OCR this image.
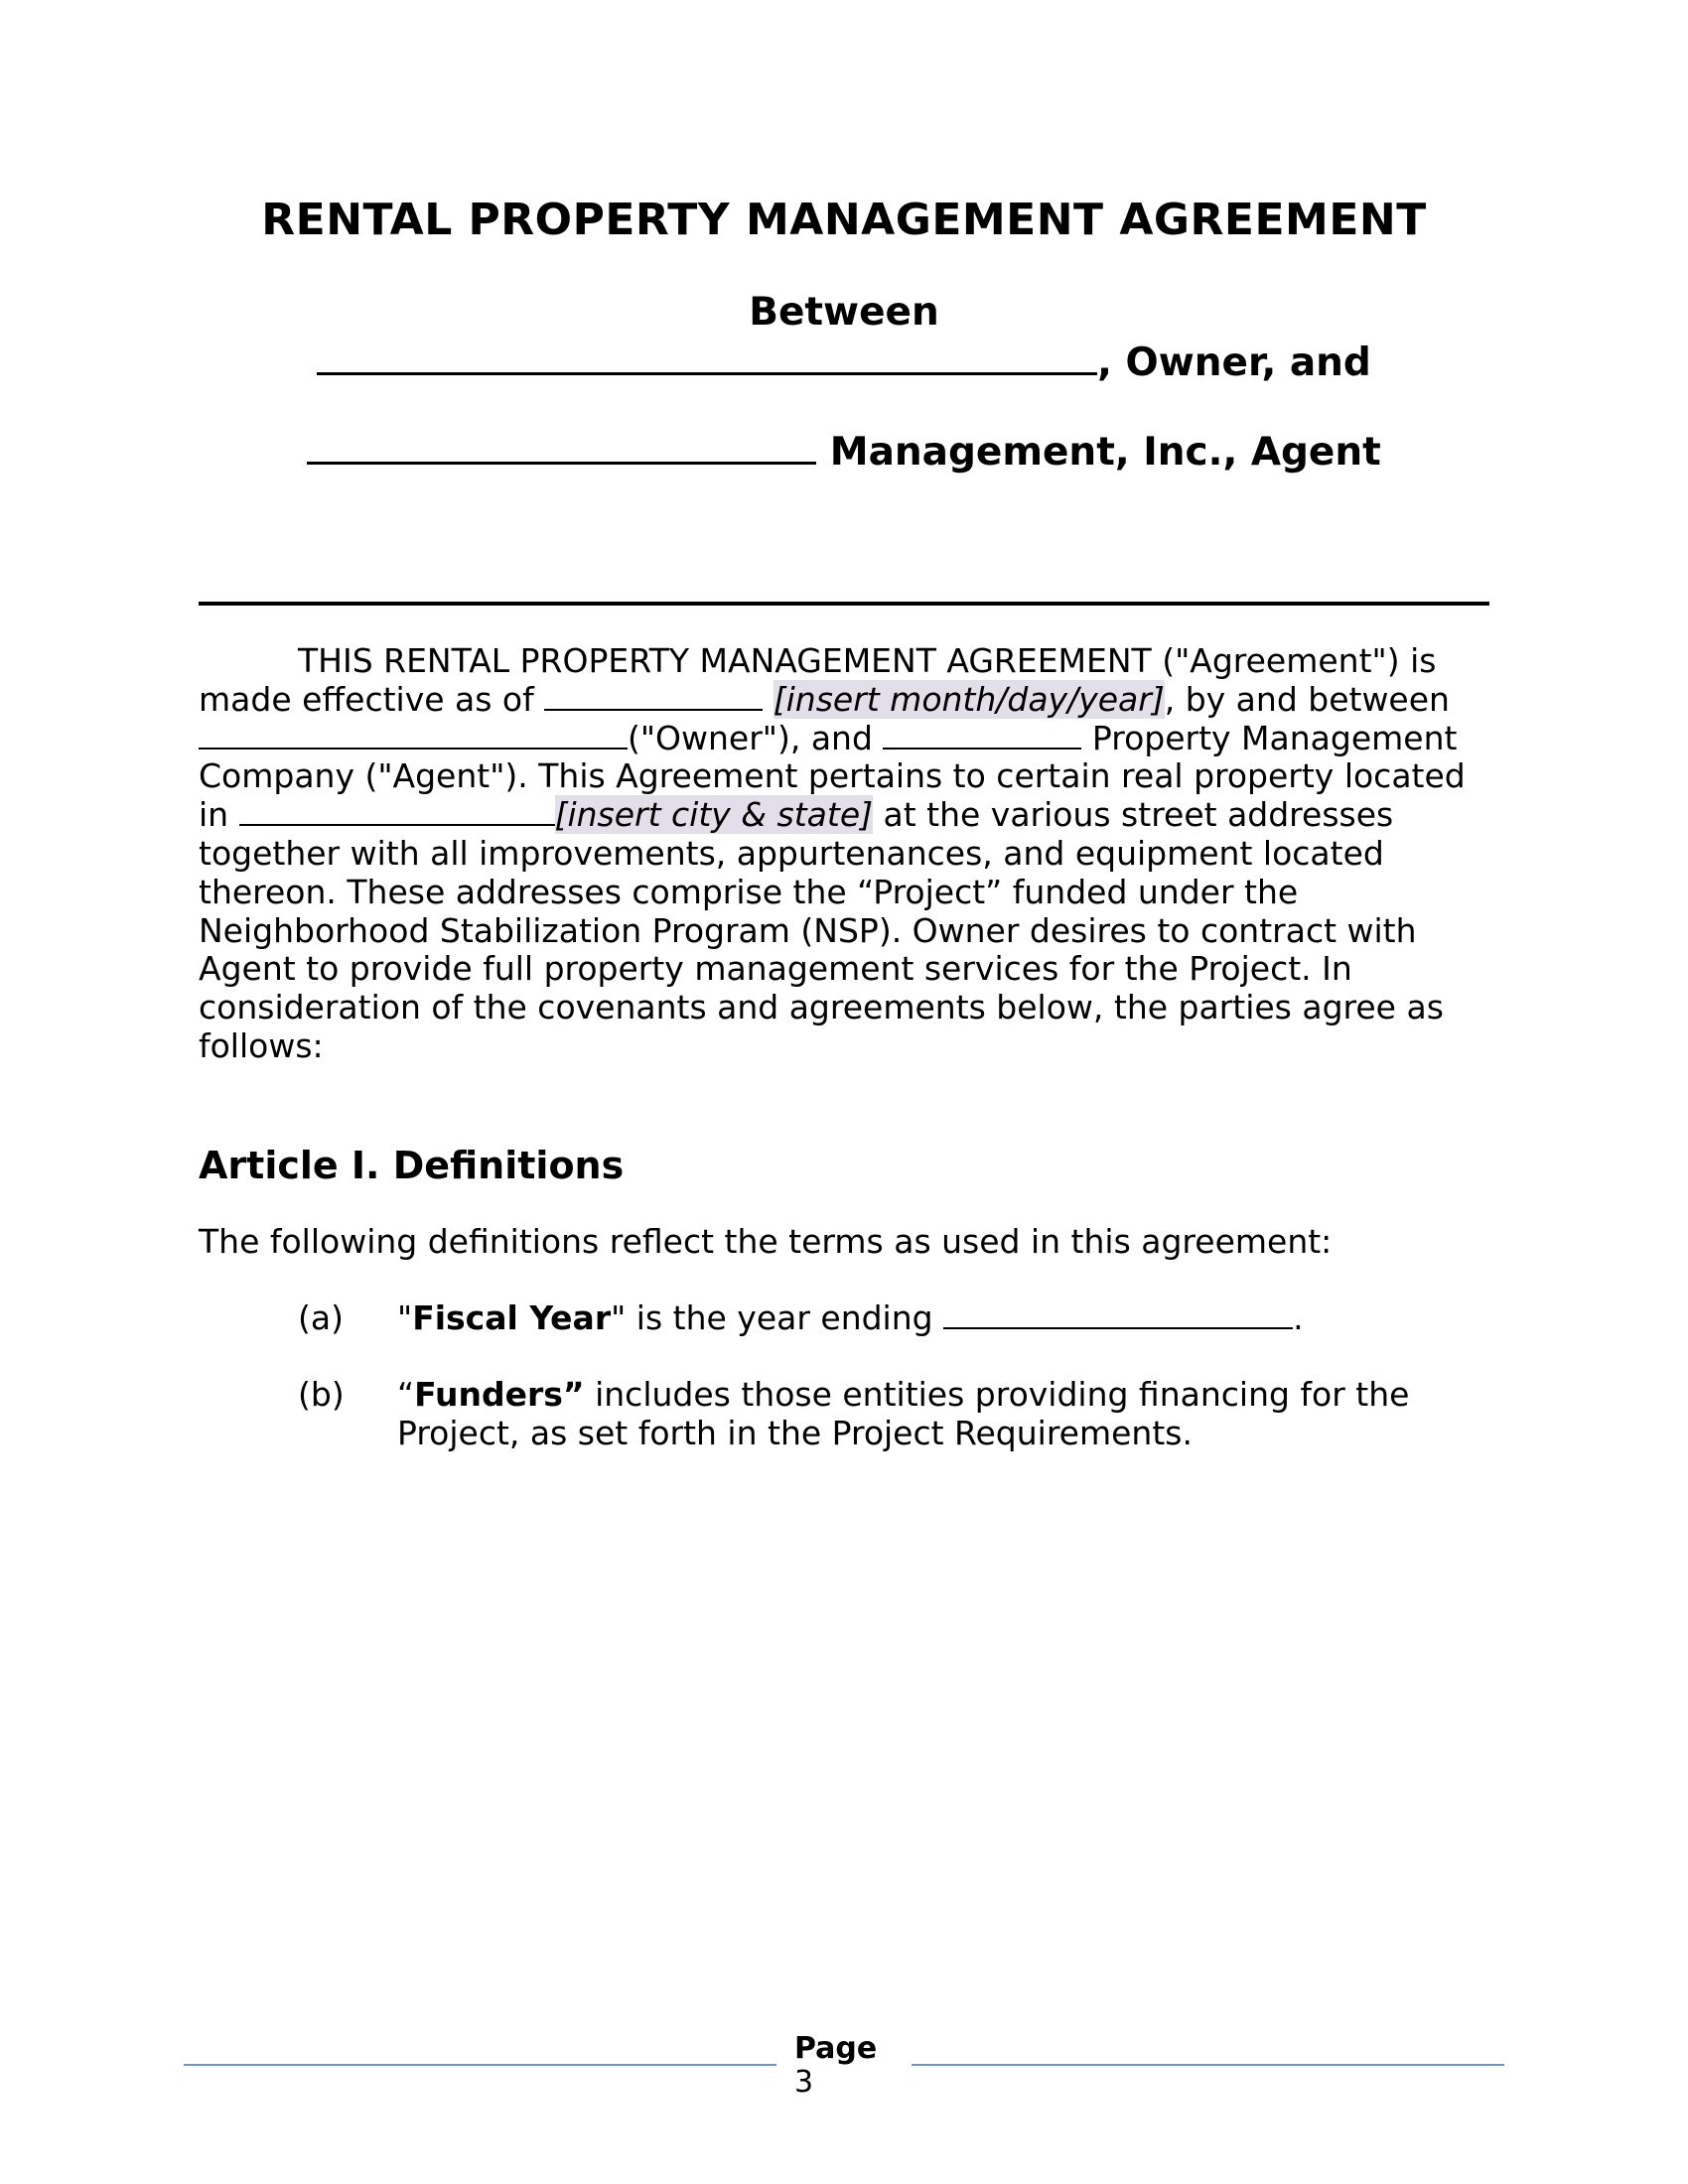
RENTAL PROPERTY MANAGEMENT AGREEMENT
Between
, Owner, and
Management, Inc., Agent
THIS RENTAL PROPERTY MANAGEMENT AGREEMENT ("Agreement") is made effective as of	[insert month/day/year], by and between ("Owner"), and	Property Management Company ("Agent"). This Agreement pertains to certain real property located in	[insert city & state] at the various street addresses together with all improvements, appurtenances, and equipment located thereon. These addresses comprise the “Project” funded under the Neighborhood Stabilization Program (NSP). Owner desires to contract with Agent to provide full property management services for the Project. In consideration of the covenants and agreements below, the parties agree as follows:
Article I. Definitions
The following definitions reflect the terms as used in this agreement:
(a) "Fiscal Year" is the year ending	.
(b) “Funders” includes those entities providing financing for the Project, as set forth in the Project Requirements.
Page
3
